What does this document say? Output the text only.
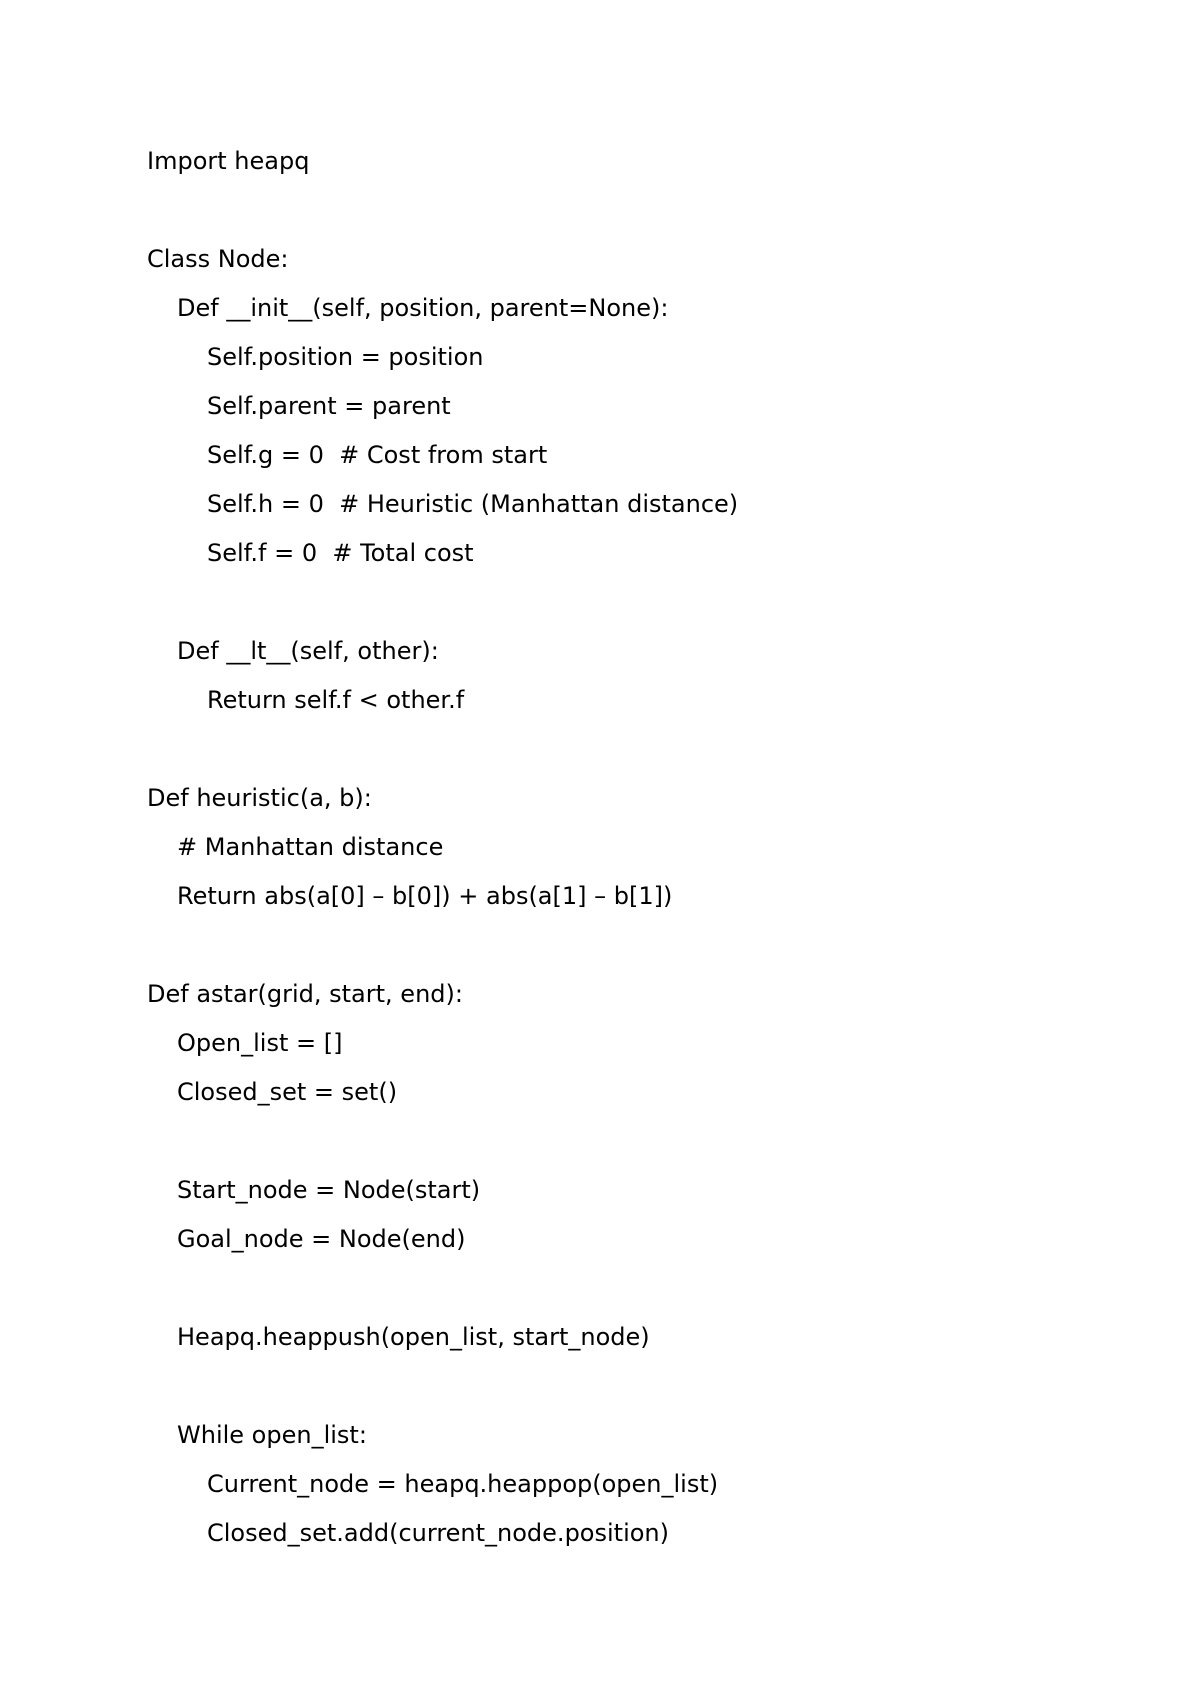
Import heapq
Class Node:
Def __init__(self, position, parent=None):
Self.position = position
Self.parent = parent
Self.g = 0  # Cost from start
Self.h = 0  # Heuristic (Manhattan distance)
Self.f = 0  # Total cost
Def __lt__(self, other):
Return self.f < other.f
Def heuristic(a, b):
# Manhattan distance
Return abs(a[0] – b[0]) + abs(a[1] – b[1])
Def astar(grid, start, end):
Open_list = []
Closed_set = set()
Start_node = Node(start)
Goal_node = Node(end)
Heapq.heappush(open_list, start_node)
While open_list:
Current_node = heapq.heappop(open_list)
Closed_set.add(current_node.position)
